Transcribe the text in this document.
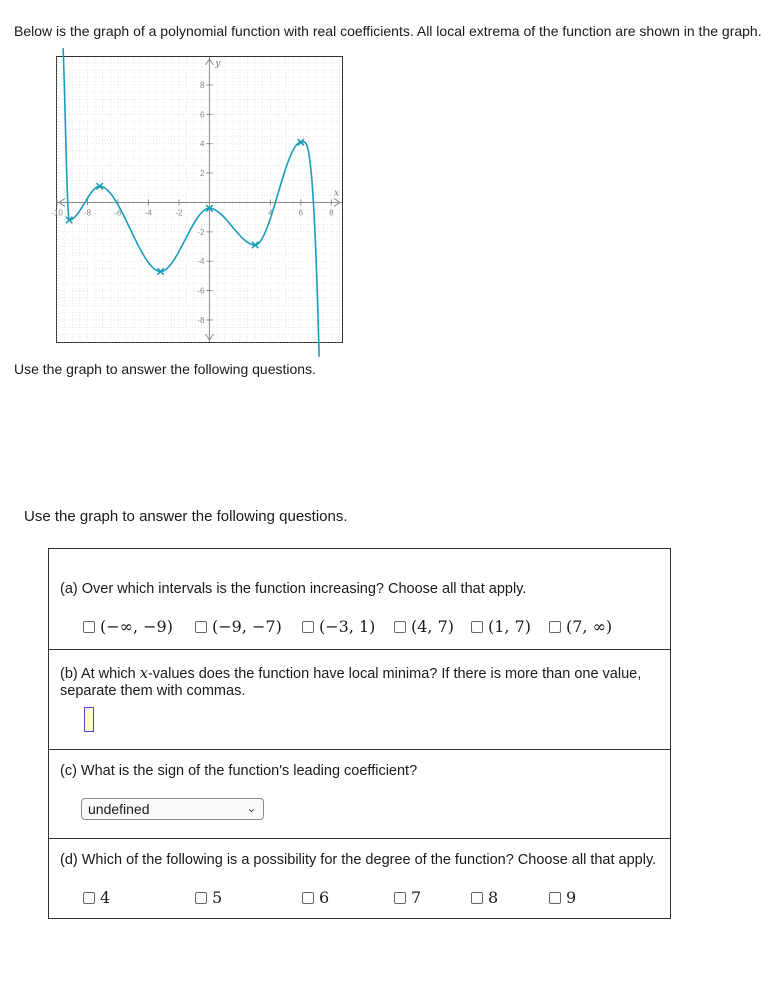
Below is the graph of a polynomial function with real coefficients. All local extrema of the function are shown in the graph.
x
y
-10	-8	-6	-4	-2	4	6	8
8
6
4
2
-2
-4
-6
-8
Use the graph to answer the following questions.
Use the graph to answer the following questions.
(a) Over which intervals is the function increasing? Choose all that apply.
(−∞, −9) (−9, −7) (−3, 1) (4, 7) (1, 7) (7, ∞)
(b) At which x-values does the function have local minima? If there is more than one value, separate them with commas.
(c) What is the sign of the function's leading coefficient?
undefined	⌄
(d) Which of the following is a possibility for the degree of the function? Choose all that apply.
4	5	6	7	8	9
